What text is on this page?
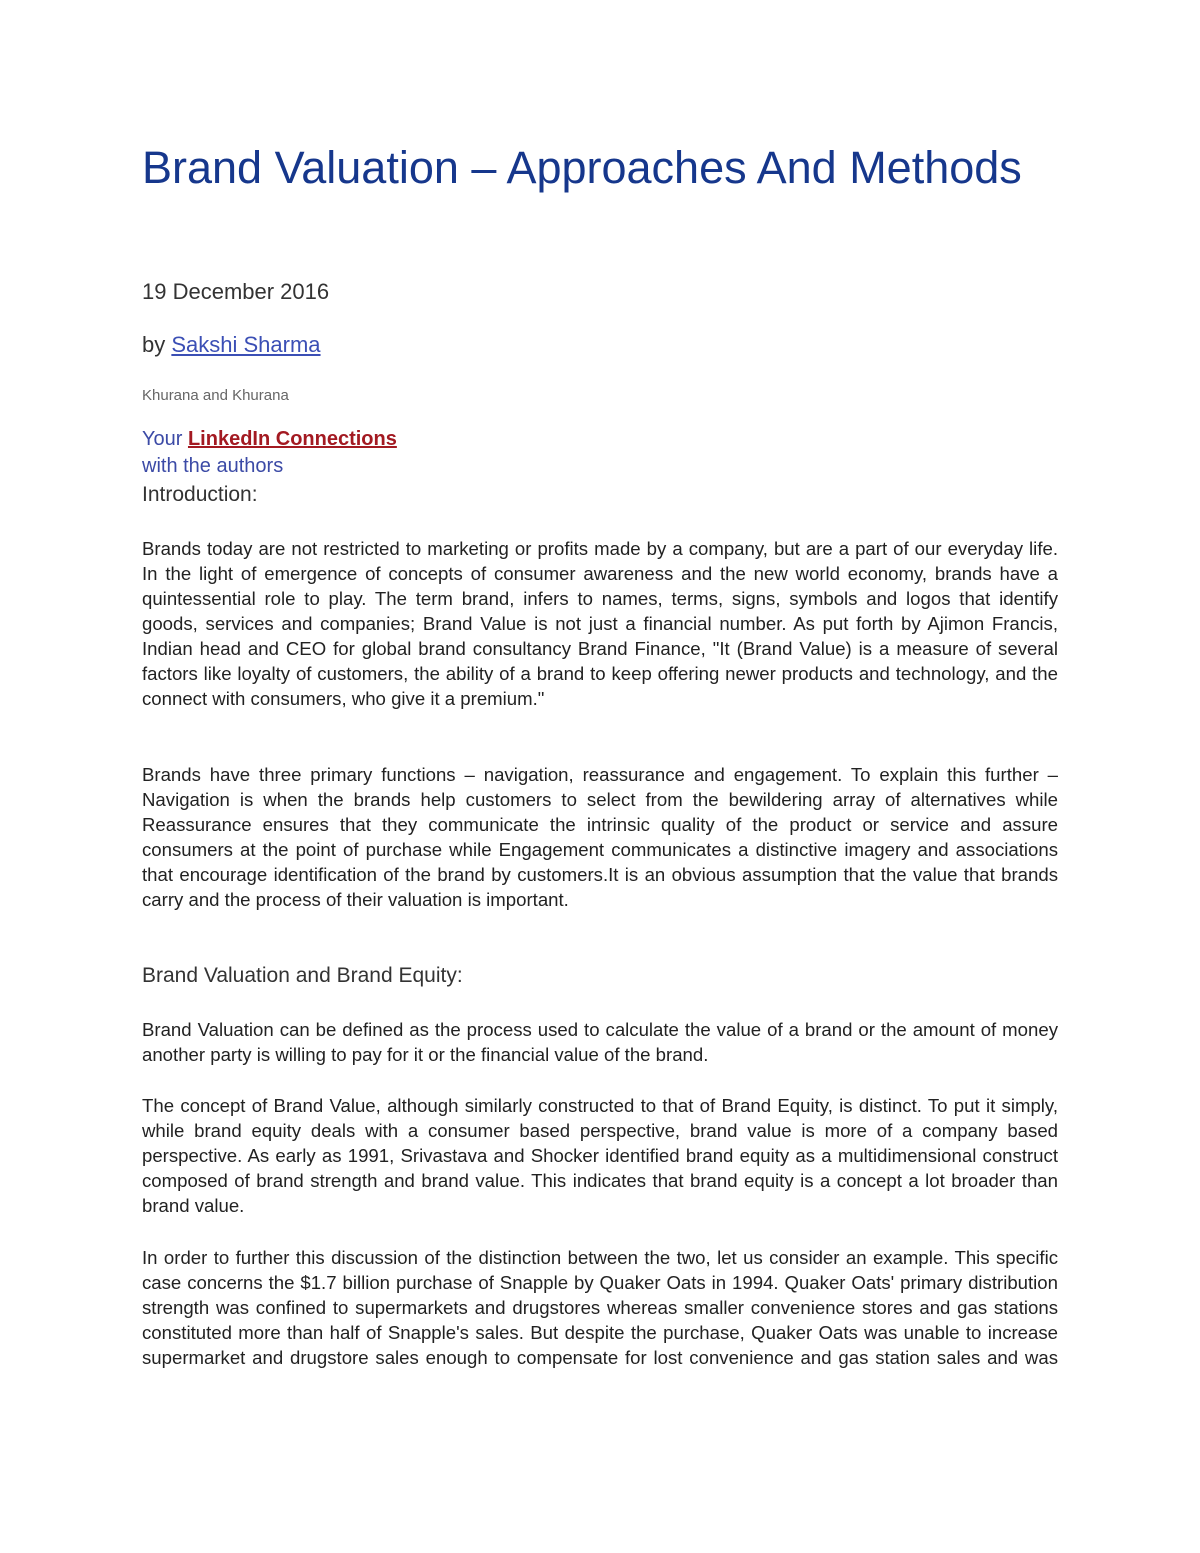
Brand Valuation – Approaches And Methods
19 December 2016
by Sakshi Sharma
Khurana and Khurana
Your LinkedIn Connections
with the authors
Introduction:

Brands today are not restricted to marketing or profits made by a company, but are a part of our everyday life. In the light of emergence of concepts of consumer awareness and the new world economy, brands have a quintessential role to play. The term brand, infers to names, terms, signs, symbols and logos that identify goods, services and companies; Brand Value is not just a financial number. As put forth by Ajimon Francis, Indian head and CEO for global brand consultancy Brand Finance, "It (Brand Value) is a measure of several factors like loyalty of customers, the ability of a brand to keep offering newer products and technology, and the connect with consumers, who give it a premium."

Brands have three primary functions – navigation, reassurance and engagement. To explain this further – Navigation is when the brands help customers to select from the bewildering array of alternatives while Reassurance ensures that they communicate the intrinsic quality of the product or service and assure consumers at the point of purchase while Engagement communicates a distinctive imagery and associations that encourage identification of the brand by customers.It is an obvious assumption that the value that brands carry and the process of their valuation is important.

Brand Valuation and Brand Equity:

Brand Valuation can be defined as the process used to calculate the value of a brand or the amount of money another party is willing to pay for it or the financial value of the brand.

The concept of Brand Value, although similarly constructed to that of Brand Equity, is distinct. To put it simply, while brand equity deals with a consumer based perspective, brand value is more of a company based perspective. As early as 1991, Srivastava and Shocker identified brand equity as a multidimensional construct composed of brand strength and brand value. This indicates that brand equity is a concept a lot broader than brand value.

In order to further this discussion of the distinction between the two, let us consider an example. This specific case concerns the $1.7 billion purchase of Snapple by Quaker Oats in 1994. Quaker Oats' primary distribution strength was confined to supermarkets and drugstores whereas smaller convenience stores and gas stations constituted more than half of Snapple's sales. But despite the purchase, Quaker Oats was unable to increase supermarket and drugstore sales enough to compensate for lost convenience and gas station sales and was
